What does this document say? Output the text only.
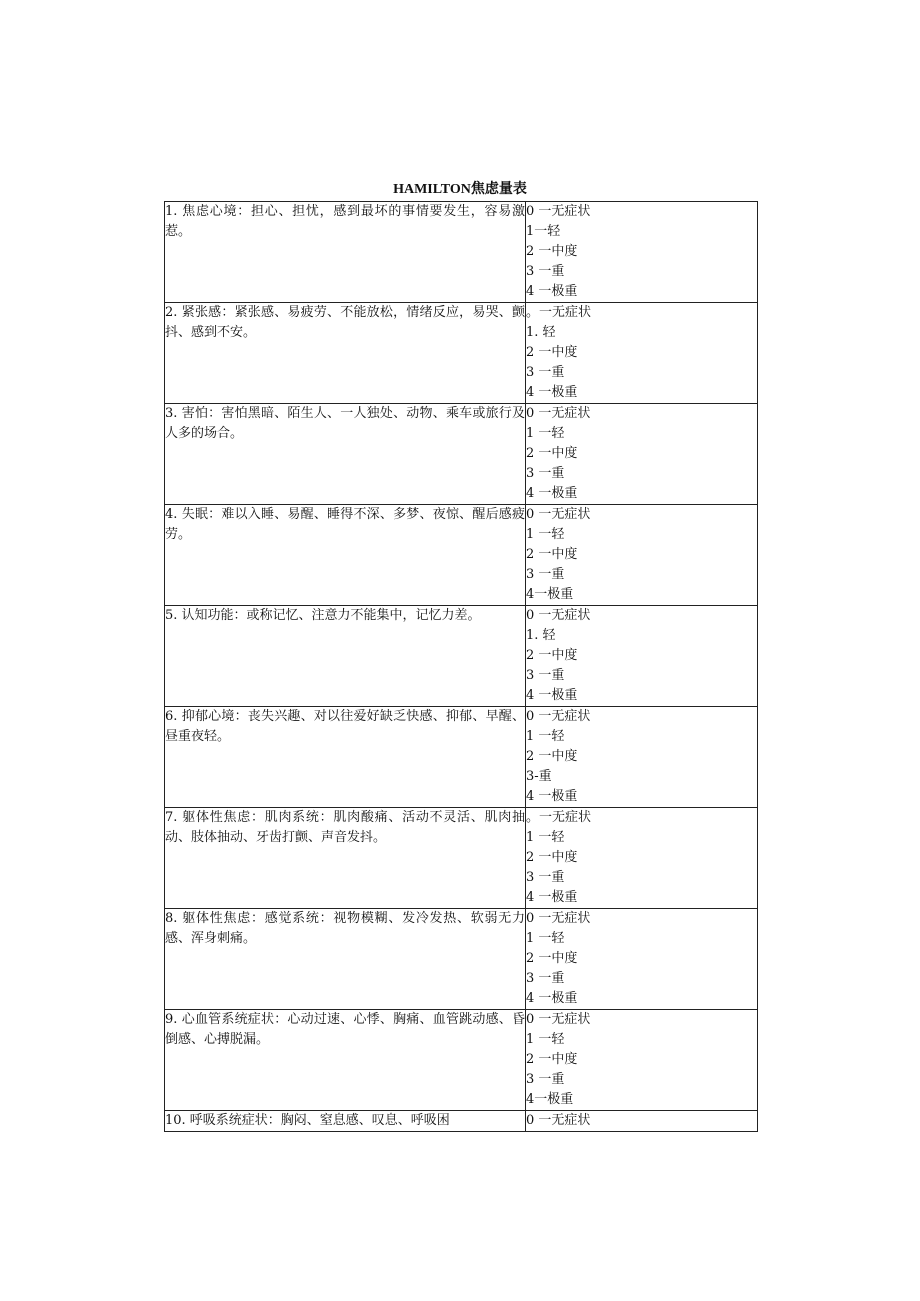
HAMILTON焦虑量表
1. 焦虑心境：担心、担忧，感到最坏的事情要发生，容易激惹。	0 一无症状
1一轻
2 一中度
3 一重
4 一极重

2. 紧张感：紧张感、易疲劳、不能放松，情绪反应，易哭、颤抖、感到不安。	。一无症状
1. 轻
2 一中度
3 一重
4 一极重

3. 害怕：害怕黑暗、陌生人、一人独处、动物、乘车或旅行及人多的场合。	0 一无症状
1 一轻
2 一中度
3 一重
4 一极重

4. 失眠：难以入睡、易醒、睡得不深、多梦、夜惊、醒后感疲劳。	0 一无症状
1 一轻
2 一中度
3 一重
4一极重

5. 认知功能：或称记忆、注意力不能集中，记忆力差。	0 一无症状
1. 轻
2 一中度
3 一重
4 一极重

6. 抑郁心境：丧失兴趣、对以往爱好缺乏快感、抑郁、早醒、昼重夜轻。	0 一无症状
1 一轻
2 一中度
3-重
4 一极重

7. 躯体性焦虑：肌肉系统：肌肉酸痛、活动不灵活、肌肉抽动、肢体抽动、牙齿打颤、声音发抖。	。一无症状
1 一轻
2 一中度
3 一重
4 一极重

8. 躯体性焦虑：感觉系统：视物模糊、发冷发热、软弱无力感、浑身刺痛。	0 一无症状
1 一轻
2 一中度
3 一重
4 一极重

9. 心血管系统症状：心动过速、心悸、胸痛、血管跳动感、昏倒感、心搏脱漏。	0 一无症状
1 一轻
2 一中度
3 一重
4一极重

10. 呼吸系统症状：胸闷、窒息感、叹息、呼吸困	0 一无症状
